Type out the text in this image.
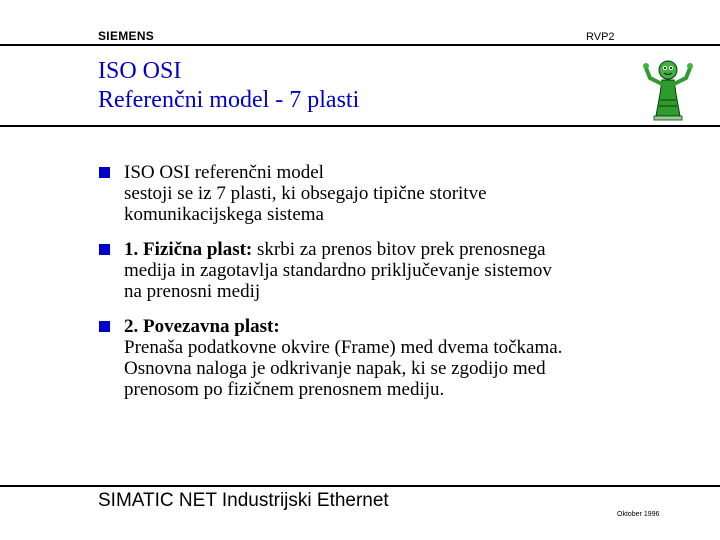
SIEMENS	RVP2
ISO OSI
Referenčni model - 7 plasti
ISO OSI referenčni model
sestoji se iz 7 plasti, ki obsegajo tipične storitve
komunikacijskega sistema
1. Fizična plast: skrbi za prenos bitov prek prenosnega
medija in zagotavlja standardno priključevanje sistemov
na prenosni medij
2. Povezavna plast:
Prenaša podatkovne okvire (Frame) med dvema točkama.
Osnovna naloga je odkrivanje napak, ki se zgodijo med
prenosom po fizičnem prenosnem mediju.
SIMATIC NET Industrijski Ethernet
Oktober 1996
